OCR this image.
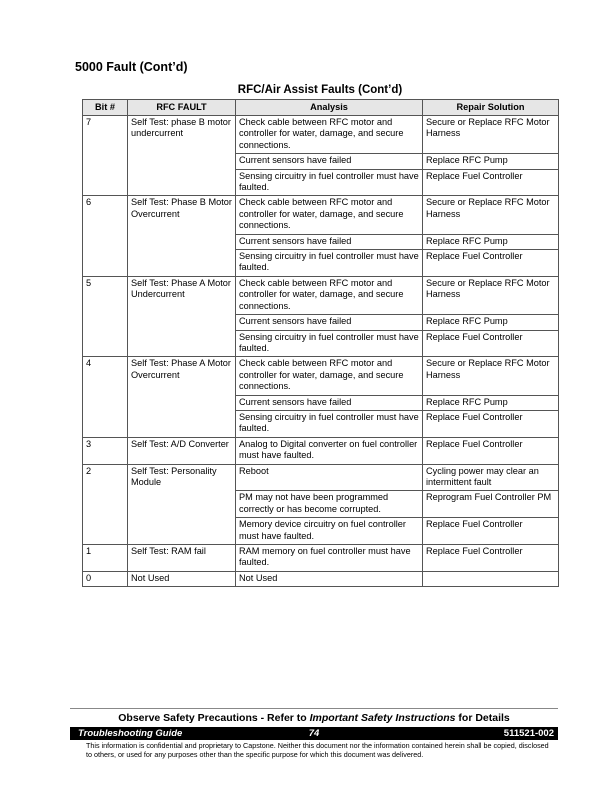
5000 Fault (Cont’d)
RFC/Air Assist Faults (Cont’d)
Bit #	RFC FAULT	Analysis	Repair Solution
7	Self Test: phase B motor undercurrent	Check cable between RFC motor and controller for water, damage, and secure connections.	Secure or Replace RFC Motor Harness
		Current sensors have failed	Replace RFC Pump
		Sensing circuitry in fuel controller must have faulted.	Replace Fuel Controller
6	Self Test: Phase B Motor Overcurrent	Check cable between RFC motor and controller for water, damage, and secure connections.	Secure or Replace RFC Motor Harness
		Current sensors have failed	Replace RFC Pump
		Sensing circuitry in fuel controller must have faulted.	Replace Fuel Controller
5	Self Test: Phase A Motor Undercurrent	Check cable between RFC motor and controller for water, damage, and secure connections.	Secure or Replace RFC Motor Harness
		Current sensors have failed	Replace RFC Pump
		Sensing circuitry in fuel controller must have faulted.	Replace Fuel Controller
4	Self Test: Phase A Motor Overcurrent	Check cable between RFC motor and controller for water, damage, and secure connections.	Secure or Replace RFC Motor Harness
		Current sensors have failed	Replace RFC Pump
		Sensing circuitry in fuel controller must have faulted.	Replace Fuel Controller
3	Self Test: A/D Converter	Analog to Digital converter on fuel controller must have faulted.	Replace Fuel Controller
2	Self Test: Personality Module	Reboot	Cycling power may clear an intermittent fault
		PM may not have been programmed correctly or has become corrupted.	Reprogram Fuel Controller PM
		Memory device circuitry on fuel controller must have faulted.	Replace Fuel Controller
1	Self Test: RAM fail	RAM memory on fuel controller must have faulted.	Replace Fuel Controller
0	Not Used	Not Used	
Observe Safety Precautions - Refer to Important Safety Instructions for Details
Troubleshooting Guide	74	511521-002
This information is confidential and proprietary to Capstone. Neither this document nor the information contained herein shall be copied, disclosed to others, or used for any purposes other than the specific purpose for which this document was delivered.
